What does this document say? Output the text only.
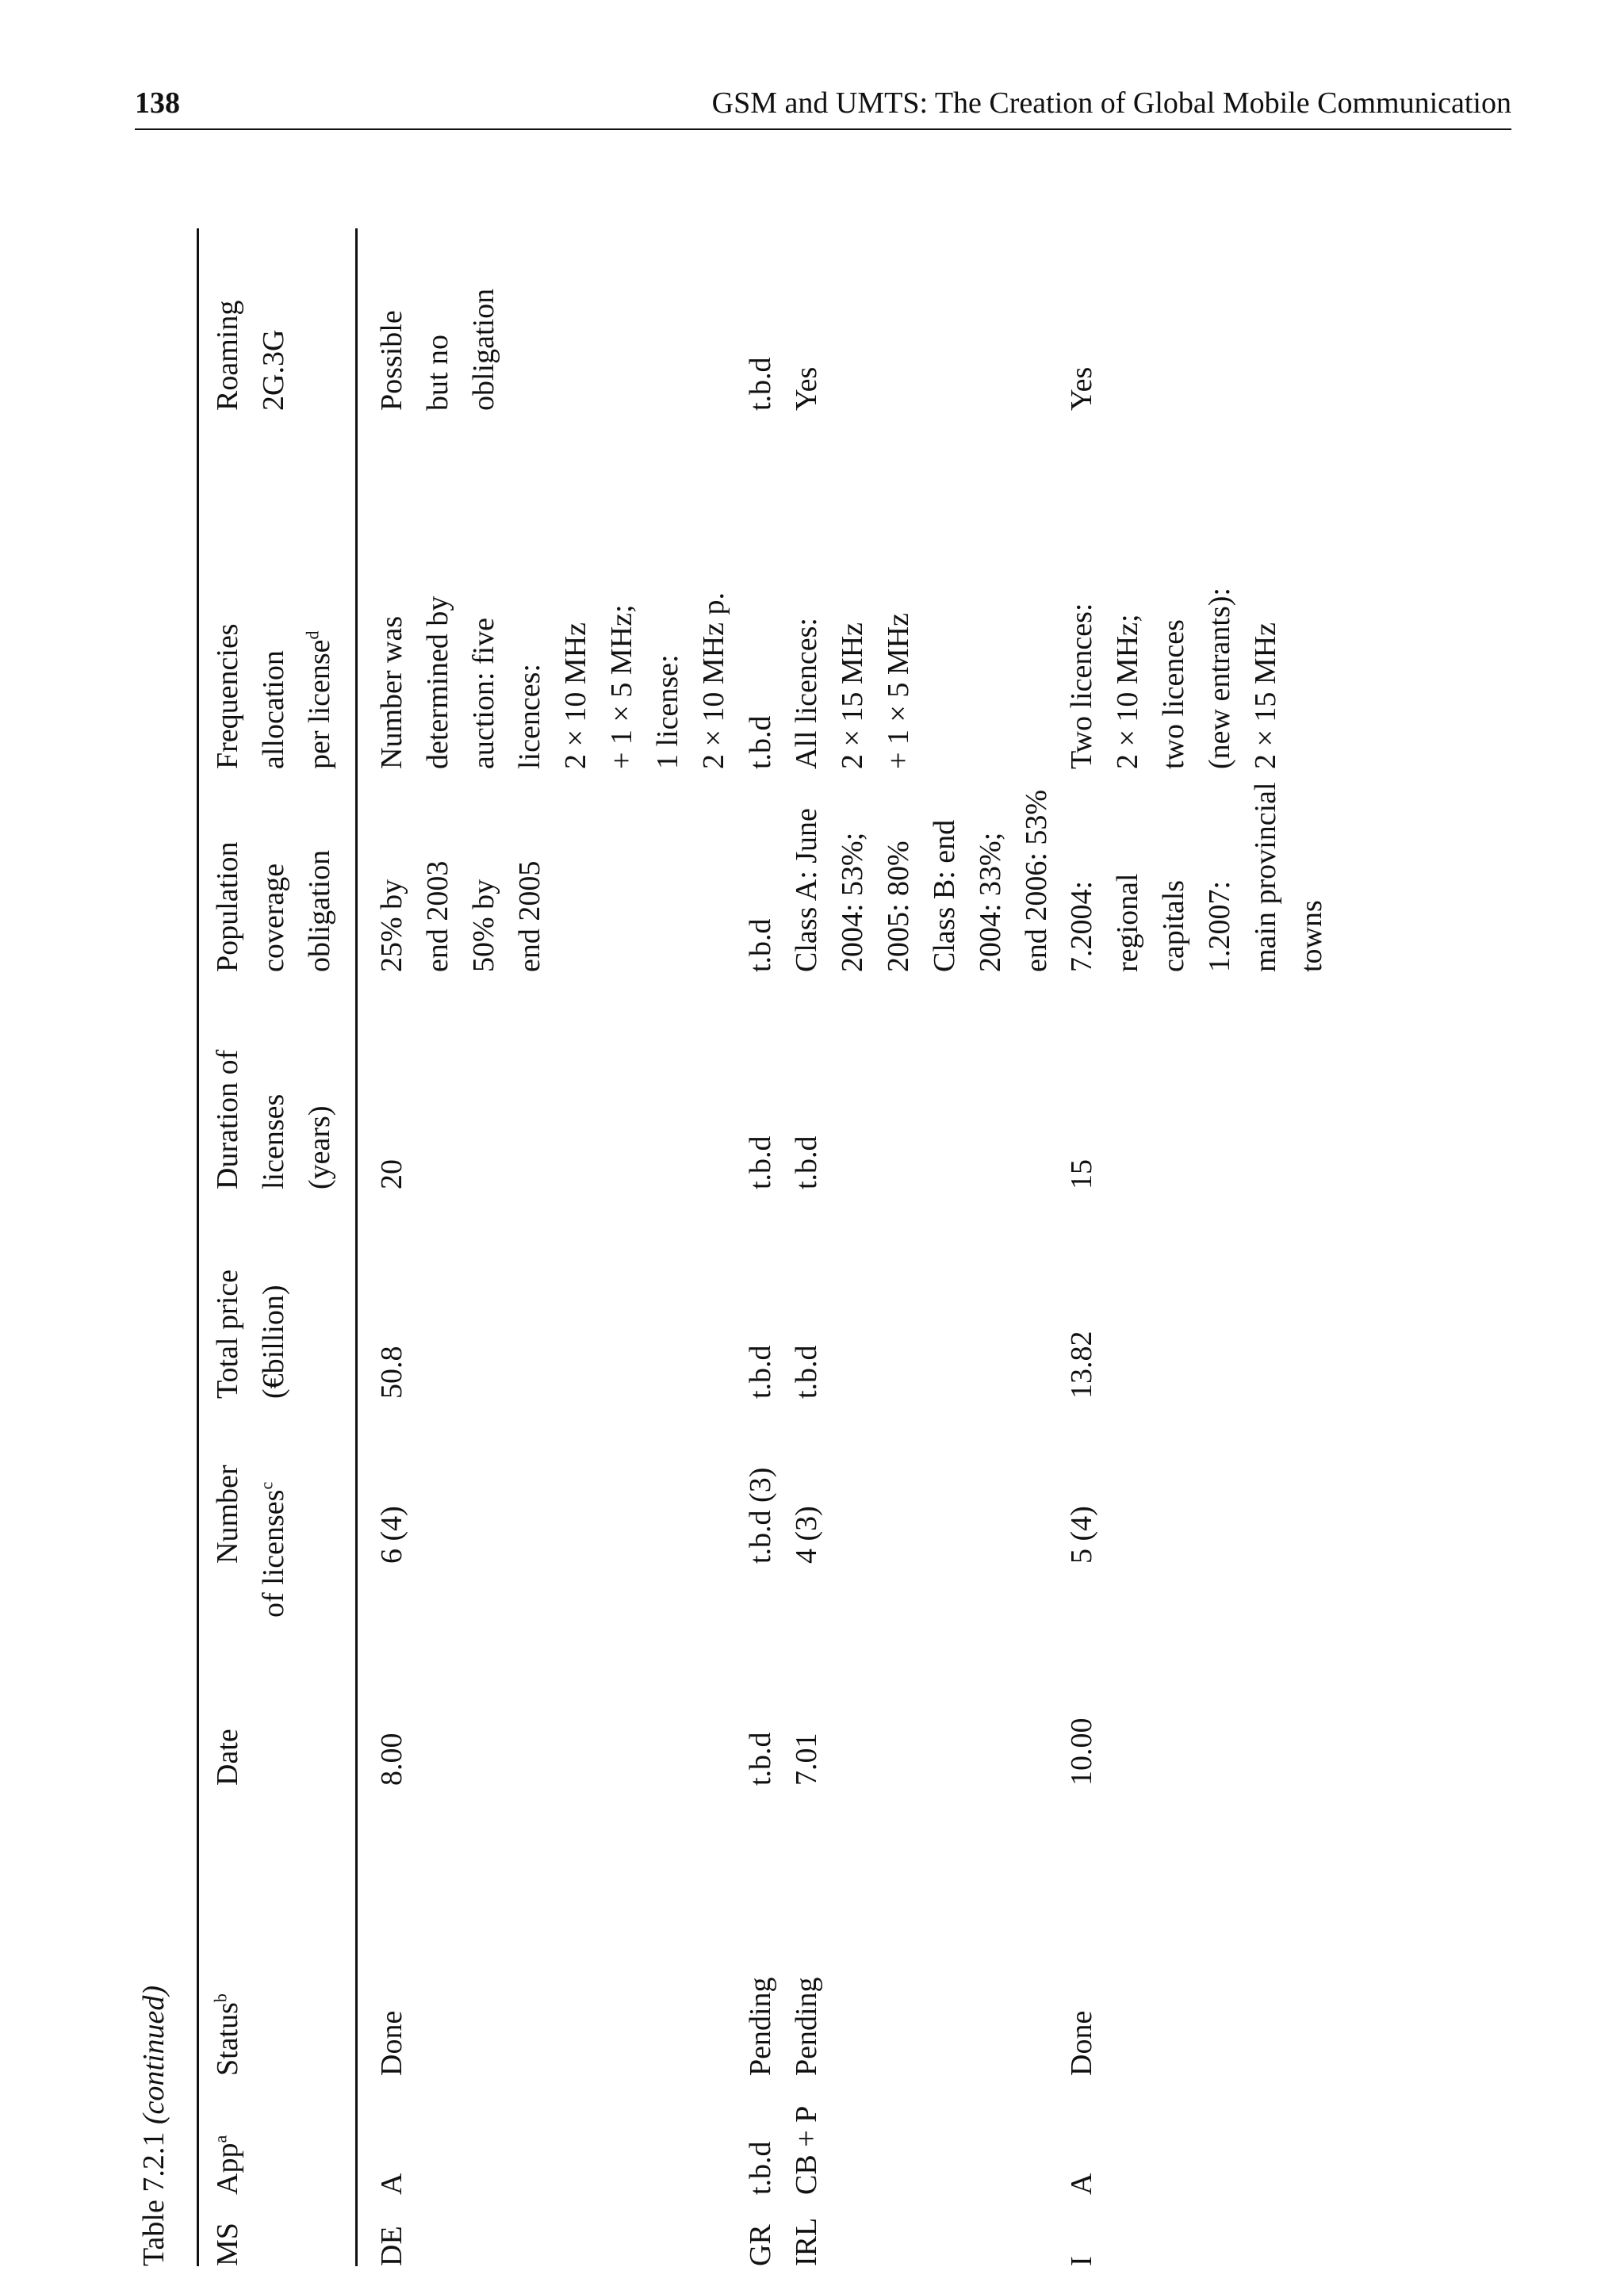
138	GSM and UMTS: The Creation of Global Mobile Communication
Table 7.2.1 (continued)
MS
App$^a$
Status$^b$
Date
Number of licenses$^c$
Total price (€billion)
Duration of licenses (years)
Population coverage obligation
Frequencies allocation per license$^d$
Roaming 2G.3G
DE
A
Done
8.00
6 (4)
50.8
20
25% by end 2003 50% by end 2005
Number was determined by auction: five licences: 2 × 10 MHz + 1 × 5 MHz; 1 license: 2 × 10 MHz p.
Possible but no obligation
GR
t.b.d
Pending
t.b.d
t.b.d (3)
t.b.d
t.b.d
t.b.d
t.b.d
t.b.d
IRL
CB + P
Pending
7.01
4 (3)
t.b.d
t.b.d
Class A: June 2004: 53%; 2005: 80% Class B: end 2004: 33%; end 2006: 53%
All licences: 2 × 15 MHz + 1 × 5 MHz
Yes
I
A
Done
10.00
5 (4)
13.82
15
7.2004: regional capitals 1.2007: main provincial towns
Two licences: 2 × 10 MHz; two licences (new entrants): 2 × 15 MHz
Yes
